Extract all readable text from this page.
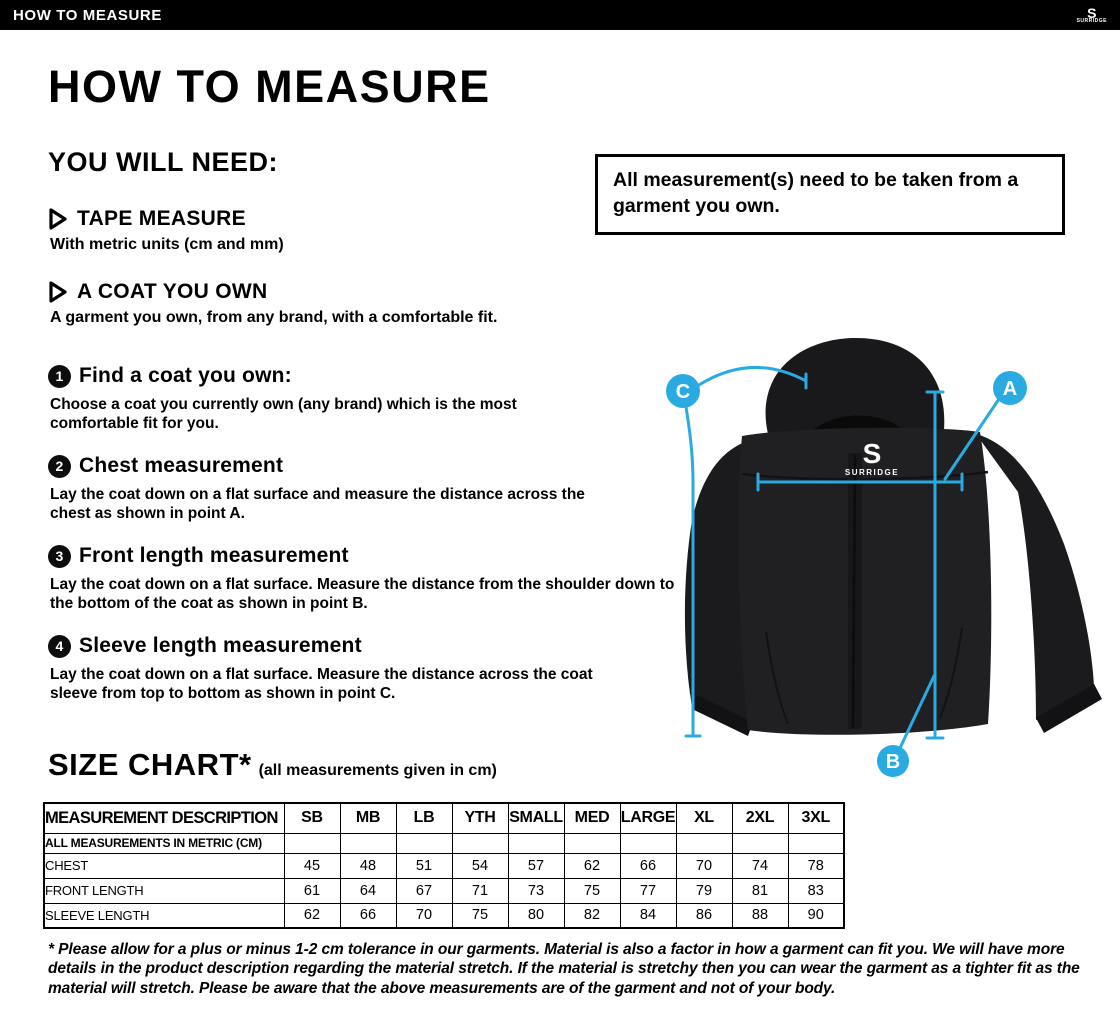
HOW TO MEASURE	S
SURRIDGE
HOW TO MEASURE
YOU WILL NEED:
All measurement(s) need to be taken from a garment you own.
TAPE MEASURE
With metric units (cm and mm)
A COAT YOU OWN
A garment you own, from any brand, with a comfortable fit.
1 Find a coat you own:
Choose a coat you currently own (any brand) which is the most comfortable fit for you.
2 Chest measurement
Lay the coat down on a flat surface and measure the distance across the chest as shown in point A.
3 Front length measurement
Lay the coat down on a flat surface. Measure the distance from the shoulder down to the bottom of the coat as shown in point B.
4 Sleeve length measurement
Lay the coat down on a flat surface. Measure the distance across the coat sleeve from top to bottom as shown in point C.
S
SURRIDGE
C	A
B
SIZE CHART* (all measurements given in cm)
MEASUREMENT DESCRIPTION	SB	MB	LB	YTH	SMALL	MED	LARGE	XL	2XL	3XL
ALL MEASUREMENTS IN METRIC (CM)										
CHEST	45	48	51	54	57	62	66	70	74	78
FRONT LENGTH	61	64	67	71	73	75	77	79	81	83
SLEEVE LENGTH	62	66	70	75	80	82	84	86	88	90
* Please allow for a plus or minus 1-2 cm tolerance in our garments. Material is also a factor in how a garment can fit you. We will have more details in the product description regarding the material stretch. If the material is stretchy then you can wear the garment as a tighter fit as the material will stretch. Please be aware that the above measurements are of the garment and not of your body.
